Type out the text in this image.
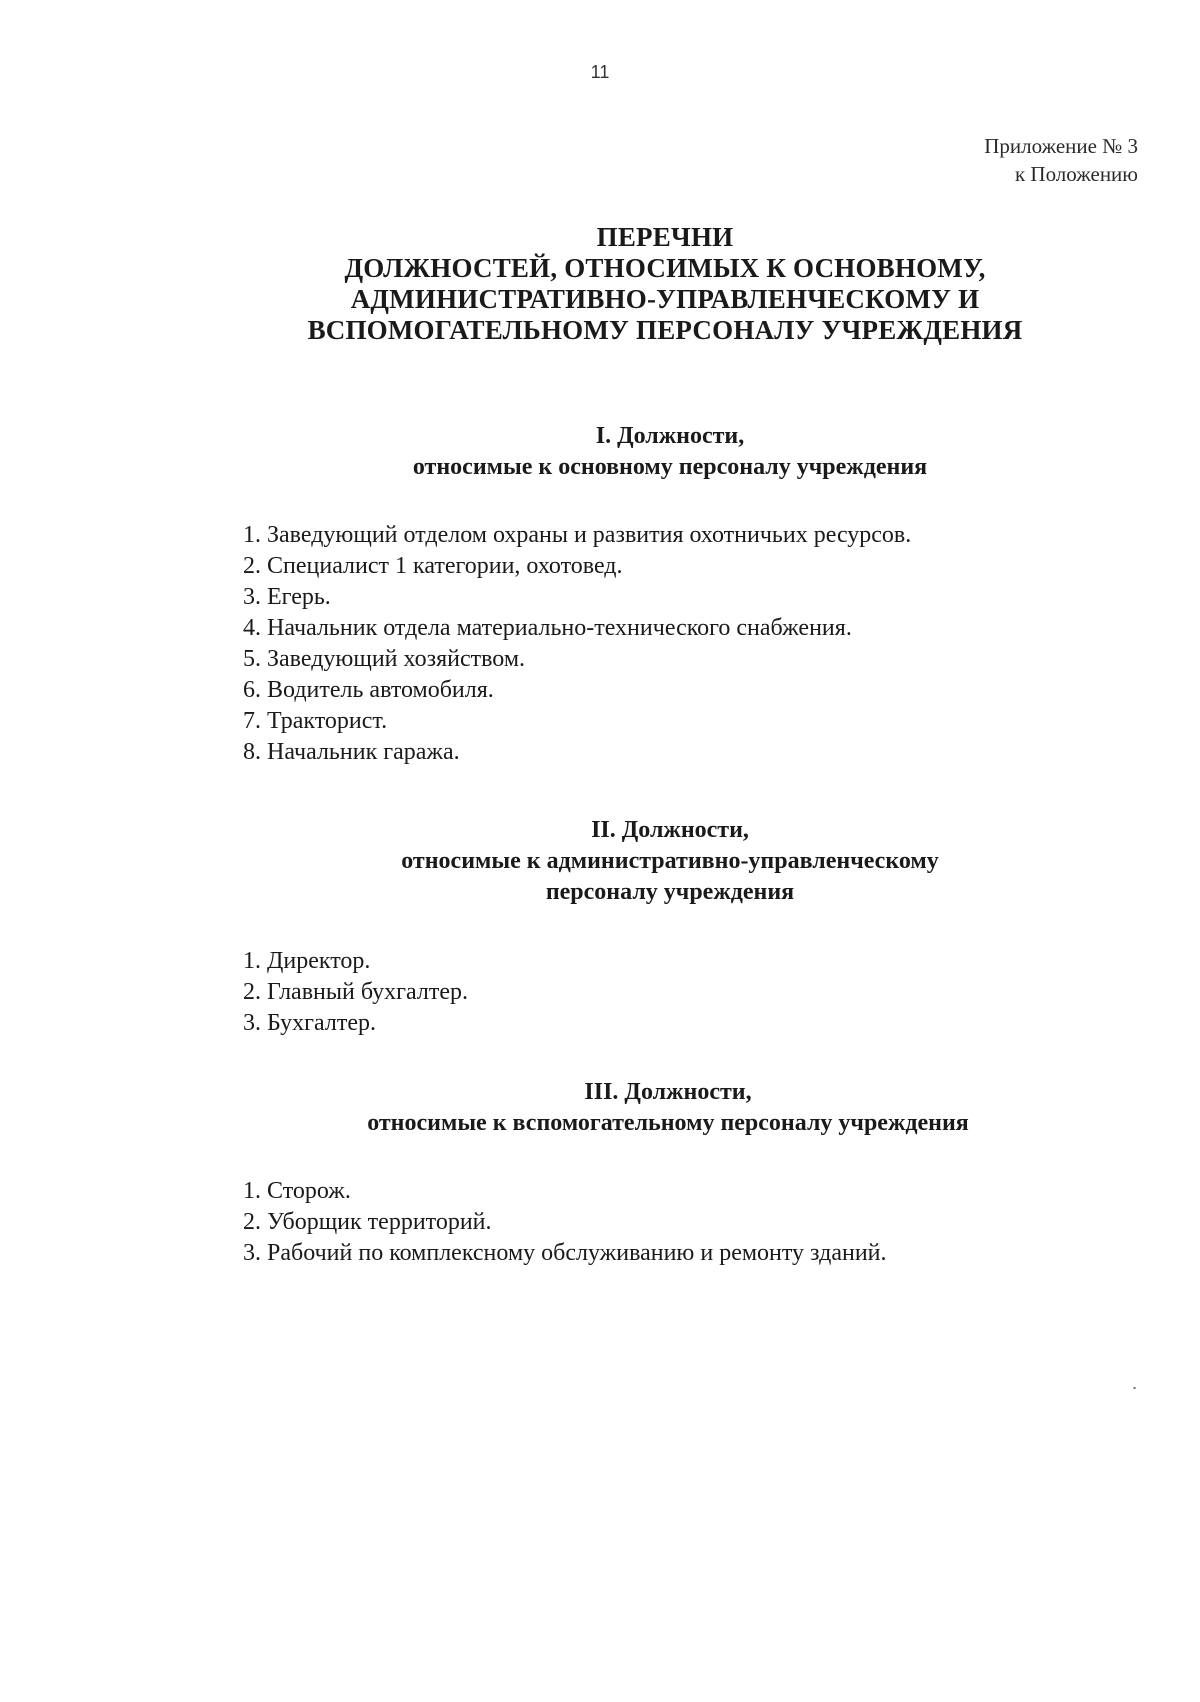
11
Приложение № 3
к Положению
ПЕРЕЧНИ
ДОЛЖНОСТЕЙ, ОТНОСИМЫХ К ОСНОВНОМУ,
АДМИНИСТРАТИВНО-УПРАВЛЕНЧЕСКОМУ И
ВСПОМОГАТЕЛЬНОМУ ПЕРСОНАЛУ УЧРЕЖДЕНИЯ
I. Должности,
относимые к основному персоналу учреждения
1. Заведующий отделом охраны и развития охотничьих ресурсов.
2. Специалист 1 категории, охотовед.
3. Егерь.
4. Начальник отдела материально-технического снабжения.
5. Заведующий хозяйством.
6. Водитель автомобиля.
7. Тракторист.
8. Начальник гаража.
II. Должности,
относимые к административно-управленческому
персоналу учреждения
1. Директор.
2. Главный бухгалтер.
3. Бухгалтер.
III. Должности,
относимые к вспомогательному персоналу учреждения
1. Сторож.
2. Уборщик территорий.
3. Рабочий по комплексному обслуживанию и ремонту зданий.
